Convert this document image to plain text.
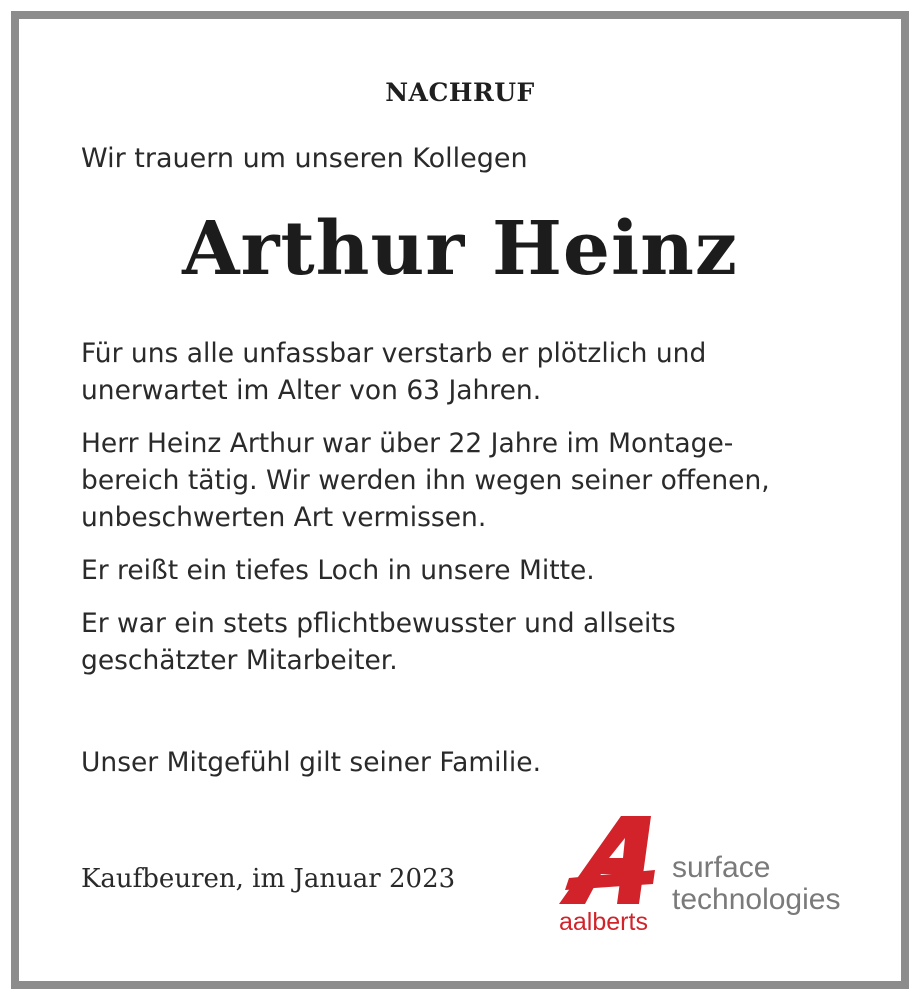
NACHRUF
Wir trauern um unseren Kollegen
Arthur Heinz

Für uns alle unfassbar verstarb er plötzlich und
unerwartet im Alter von 63 Jahren.

Herr Heinz Arthur war über 22 Jahre im Montage-
bereich tätig. Wir werden ihn wegen seiner offenen,
unbeschwerten Art vermissen.

Er reißt ein tiefes Loch in unsere Mitte.

Er war ein stets pflichtbewusster und allseits
geschätzter Mitarbeiter.

Unser Mitgefühl gilt seiner Familie.
Kaufbeuren, im Januar 2023
aalberts
surface
technologies
